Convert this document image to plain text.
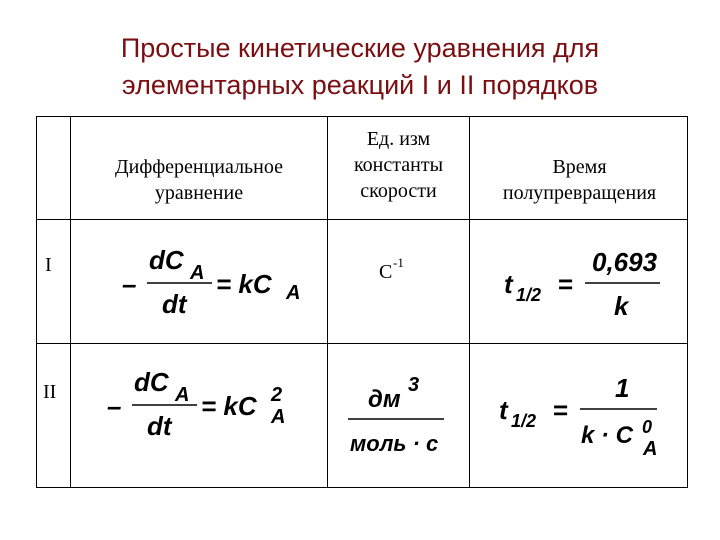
Простые кинетические уравнения для
элементарных реакций I и II порядков
Дифференциальное
уравнение
Ед. изм
константы
скорости
Время
полупревращения
I
II
–
dC A
dt
= kC A
C -1
t 1/2 =
0,693
k
–
dC A
dt
= kC 2
A
дм
3
моль · c
t 1/2 =
1
k · C 0
A
